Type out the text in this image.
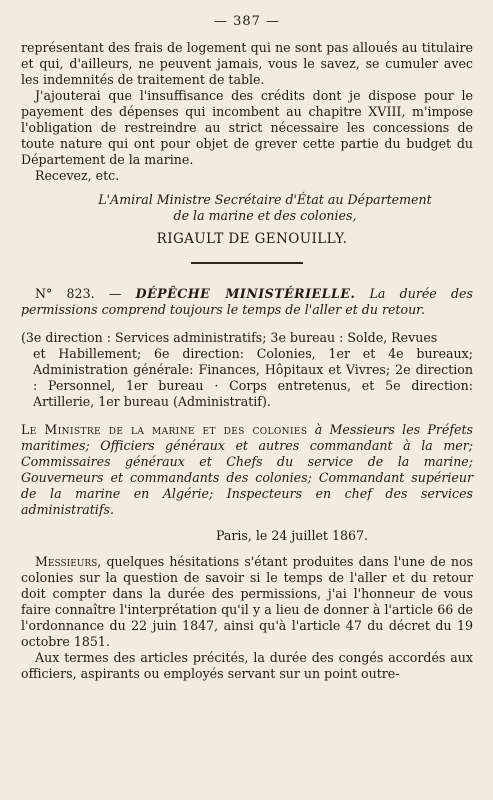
— 387 —

représentant des frais de logement qui ne sont pas alloués au titulaire et qui, d'ailleurs, ne peuvent jamais, vous le savez, se cumuler avec les indemnités de traitement de table.

J'ajouterai que l'insuffisance des crédits dont je dispose pour le payement des dépenses qui incombent au chapitre XVIII, m'impose l'obligation de restreindre au strict nécessaire les concessions de toute nature qui ont pour objet de grever cette partie du budget du Département de la marine.

Recevez, etc.

L'Amiral Ministre Secrétaire d'État au Département
de la marine et des colonies,
RIGAULT DE GENOUILLY.

N° 823. — DÉPÊCHE MINISTÉRIELLE. La durée des permissions comprend toujours le temps de l'aller et du retour.

(3e direction : Services administratifs; 3e bureau : Solde, Revues

et Habillement; 6e direction: Colonies, 1er et 4e bureaux; Administration générale: Finances, Hôpitaux et Vivres; 2e direction : Personnel, 1er bureau · Corps entretenus, et 5e direction: Artillerie, 1er bureau (Administratif).

Le Ministre de la marine et des colonies à Messieurs les Préfets maritimes; Officiers généraux et autres commandant à la mer; Commissaires généraux et Chefs du service de la marine; Gouverneurs et commandants des colonies; Commandant supérieur de la marine en Algérie; Inspecteurs en chef des services administratifs.

Paris, le 24 juillet 1867.

Messieurs, quelques hésitations s'étant produites dans l'une de nos colonies sur la question de savoir si le temps de l'aller et du retour doit compter dans la durée des permissions, j'ai l'honneur de vous faire connaître l'interprétation qu'il y a lieu de donner à l'article 66 de l'ordonnance du 22 juin 1847, ainsi qu'à l'article 47 du décret du 19 octobre 1851.

Aux termes des articles précités, la durée des congés accordés aux officiers, aspirants ou employés servant sur un point outre-
